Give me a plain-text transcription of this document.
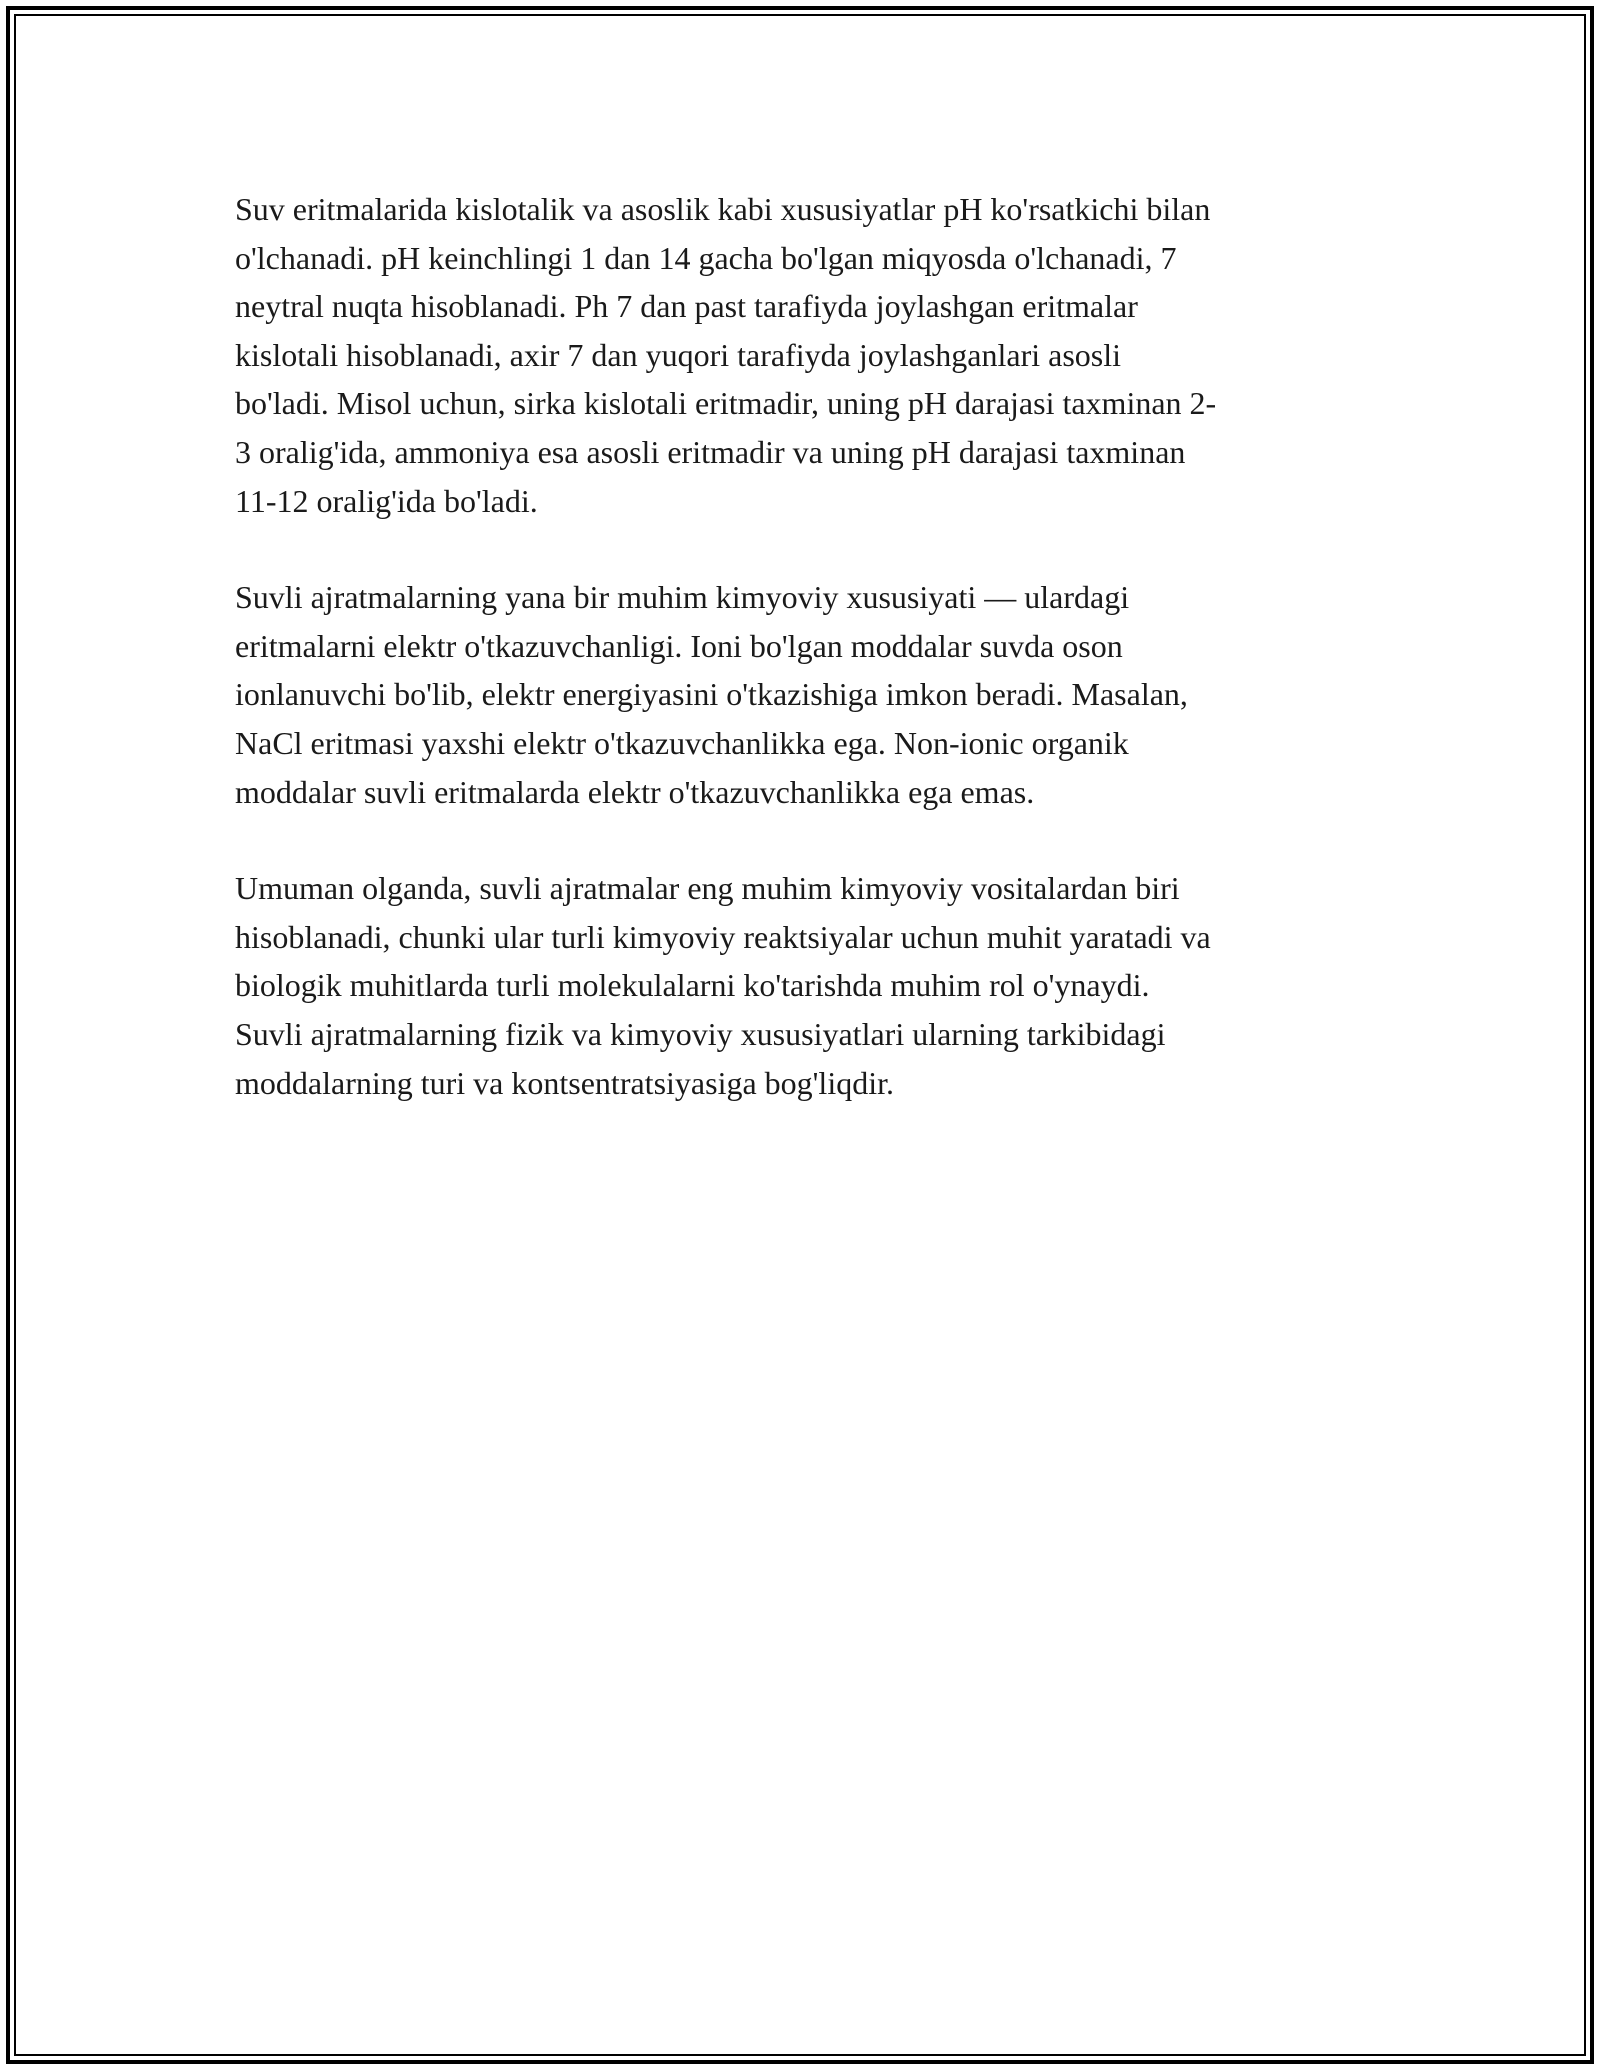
Suv eritmalarida kislotalik va asoslik kabi xususiyatlar pH ko'rsatkichi bilan
o'lchanadi. pH keinchlingi 1 dan 14 gacha bo'lgan miqyosda o'lchanadi, 7
neytral nuqta hisoblanadi. Ph 7 dan past tarafiyda joylashgan eritmalar
kislotali hisoblanadi, axir 7 dan yuqori tarafiyda joylashganlari asosli
bo'ladi. Misol uchun, sirka kislotali eritmadir, uning pH darajasi taxminan 2-
3 oralig'ida, ammoniya esa asosli eritmadir va uning pH darajasi taxminan
11-12 oralig'ida bo'ladi.

Suvli ajratmalarning yana bir muhim kimyoviy xususiyati — ulardagi
eritmalarni elektr o'tkazuvchanligi. Ioni bo'lgan moddalar suvda oson
ionlanuvchi bo'lib, elektr energiyasini o'tkazishiga imkon beradi. Masalan,
NaCl eritmasi yaxshi elektr o'tkazuvchanlikka ega. Non-ionic organik
moddalar suvli eritmalarda elektr o'tkazuvchanlikka ega emas.

Umuman olganda, suvli ajratmalar eng muhim kimyoviy vositalardan biri
hisoblanadi, chunki ular turli kimyoviy reaktsiyalar uchun muhit yaratadi va
biologik muhitlarda turli molekulalarni ko'tarishda muhim rol o'ynaydi.
Suvli ajratmalarning fizik va kimyoviy xususiyatlari ularning tarkibidagi
moddalarning turi va kontsentratsiyasiga bog'liqdir.
